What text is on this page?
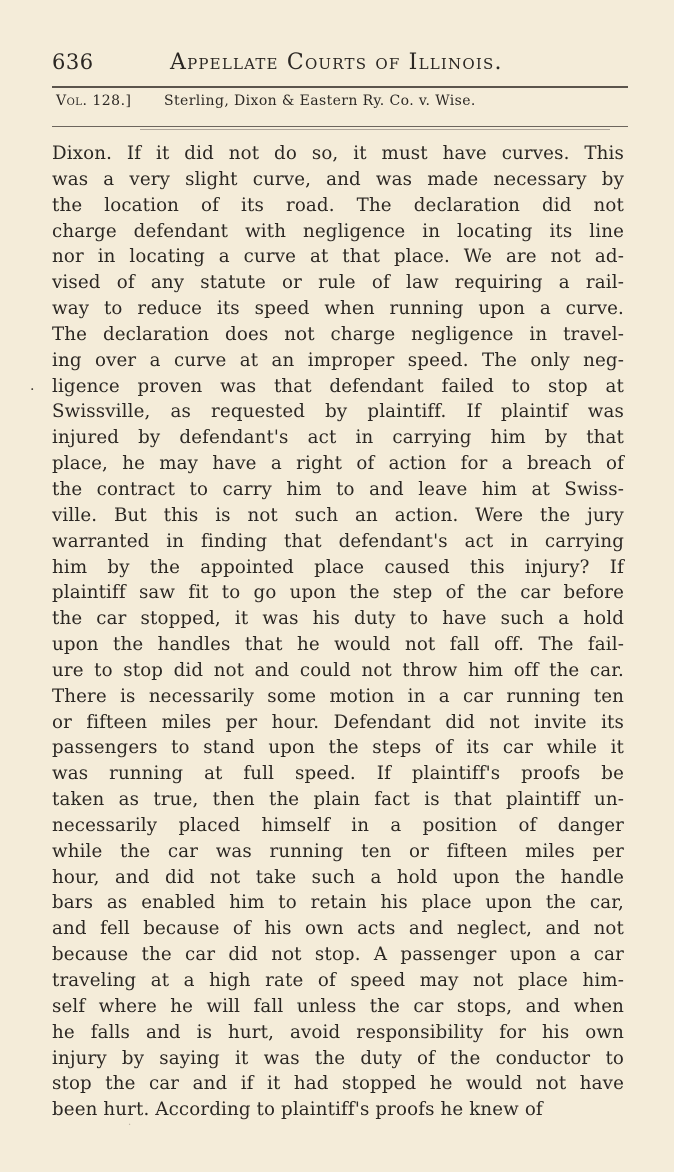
636	Appellate Courts of Illinois.
Vol. 128.] Sterling, Dixon & Eastern Ry. Co. v. Wise.
.
Dixon. If it did not do so, it must have curves. This
was a very slight curve, and was made necessary by
the location of its road. The declaration did not
charge defendant with negligence in locating its line
nor in locating a curve at that place. We are not ad-
vised of any statute or rule of law requiring a rail-
way to reduce its speed when running upon a curve.
The declaration does not charge negligence in travel-
ing over a curve at an improper speed. The only neg-
ligence proven was that defendant failed to stop at
Swissville, as requested by plaintiff. If plaintif was
injured by defendant's act in carrying him by that
place, he may have a right of action for a breach of
the contract to carry him to and leave him at Swiss-
ville. But this is not such an action. Were the jury
warranted in finding that defendant's act in carrying
him by the appointed place caused this injury? If
plaintiff saw fit to go upon the step of the car before
the car stopped, it was his duty to have such a hold
upon the handles that he would not fall off. The fail-
ure to stop did not and could not throw him off the car.
There is necessarily some motion in a car running ten
or fifteen miles per hour. Defendant did not invite its
passengers to stand upon the steps of its car while it
was running at full speed. If plaintiff's proofs be
taken as true, then the plain fact is that plaintiff un-
necessarily placed himself in a position of danger
while the car was running ten or fifteen miles per
hour, and did not take such a hold upon the handle
bars as enabled him to retain his place upon the car,
and fell because of his own acts and neglect, and not
because the car did not stop. A passenger upon a car
traveling at a high rate of speed may not place him-
self where he will fall unless the car stops, and when
he falls and is hurt, avoid responsibility for his own
injury by saying it was the duty of the conductor to
stop the car and if it had stopped he would not have
been hurt. According to plaintiff's proofs he knew of
·
